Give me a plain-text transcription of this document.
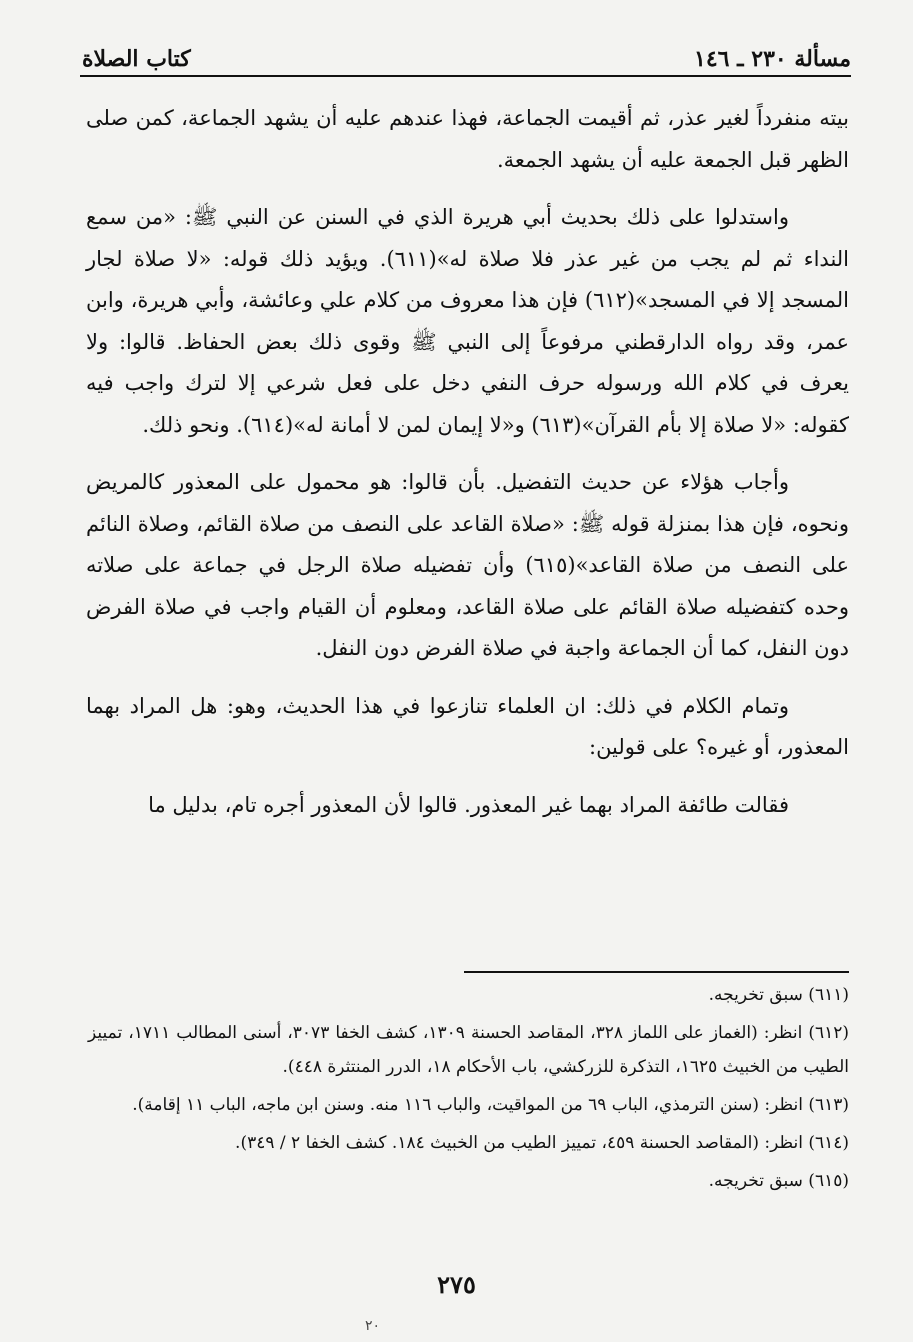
مسألة ٢٣٠ ـ ١٤٦
كتاب الصلاة

بيته منفرداً لغير عذر، ثم أقيمت الجماعة، فهذا عندهم عليه أن يشهد الجماعة، كمن صلى الظهر قبل الجمعة عليه أن يشهد الجمعة.

واستدلوا على ذلك بحديث أبي هريرة الذي في السنن عن النبي ﷺ: «من سمع النداء ثم لم يجب من غير عذر فلا صلاة له»(٦١١). ويؤيد ذلك قوله: «لا صلاة لجار المسجد إلا في المسجد»(٦١٢) فإن هذا معروف من كلام علي وعائشة، وأبي هريرة، وابن عمر، وقد رواه الدارقطني مرفوعاً إلى النبي ﷺ وقوى ذلك بعض الحفاظ. قالوا: ولا يعرف في كلام الله ورسوله حرف النفي دخل على فعل شرعي إلا لترك واجب فيه كقوله: «لا صلاة إلا بأم القرآن»(٦١٣) و«لا إيمان لمن لا أمانة له»(٦١٤). ونحو ذلك.

وأجاب هؤلاء عن حديث التفضيل. بأن قالوا: هو محمول على المعذور كالمريض ونحوه، فإن هذا بمنزلة قوله ﷺ: «صلاة القاعد على النصف من صلاة القائم، وصلاة النائم على النصف من صلاة القاعد»(٦١٥) وأن تفضيله صلاة الرجل في جماعة على صلاته وحده كتفضيله صلاة القائم على صلاة القاعد، ومعلوم أن القيام واجب في صلاة الفرض دون النفل، كما أن الجماعة واجبة في صلاة الفرض دون النفل.

وتمام الكلام في ذلك: ان العلماء تنازعوا في هذا الحديث، وهو: هل المراد بهما المعذور، أو غيره؟ على قولين:

فقالت طائفة المراد بهما غير المعذور. قالوا لأن المعذور أجره تام، بدليل ما

(٦١١) سبق تخريجه.

(٦١٢) انظر: (الغماز على اللماز ٣٢٨، المقاصد الحسنة ١٣٠٩، كشف الخفا ٣٠٧٣، أسنى المطالب ١٧١١، تمييز الطيب من الخبيث ١٦٢٥، التذكرة للزركشي، باب الأحكام ١٨، الدرر المنتثرة ٤٤٨).

(٦١٣) انظر: (سنن الترمذي، الباب ٦٩ من المواقيت، والباب ١١٦ منه. وسنن ابن ماجه، الباب ١١ إقامة).

(٦١٤) انظر: (المقاصد الحسنة ٤٥٩، تمييز الطيب من الخبيث ١٨٤. كشف الخفا ٢ / ٣٤٩).

(٦١٥) سبق تخريجه.

٢٧٥
٢٠
